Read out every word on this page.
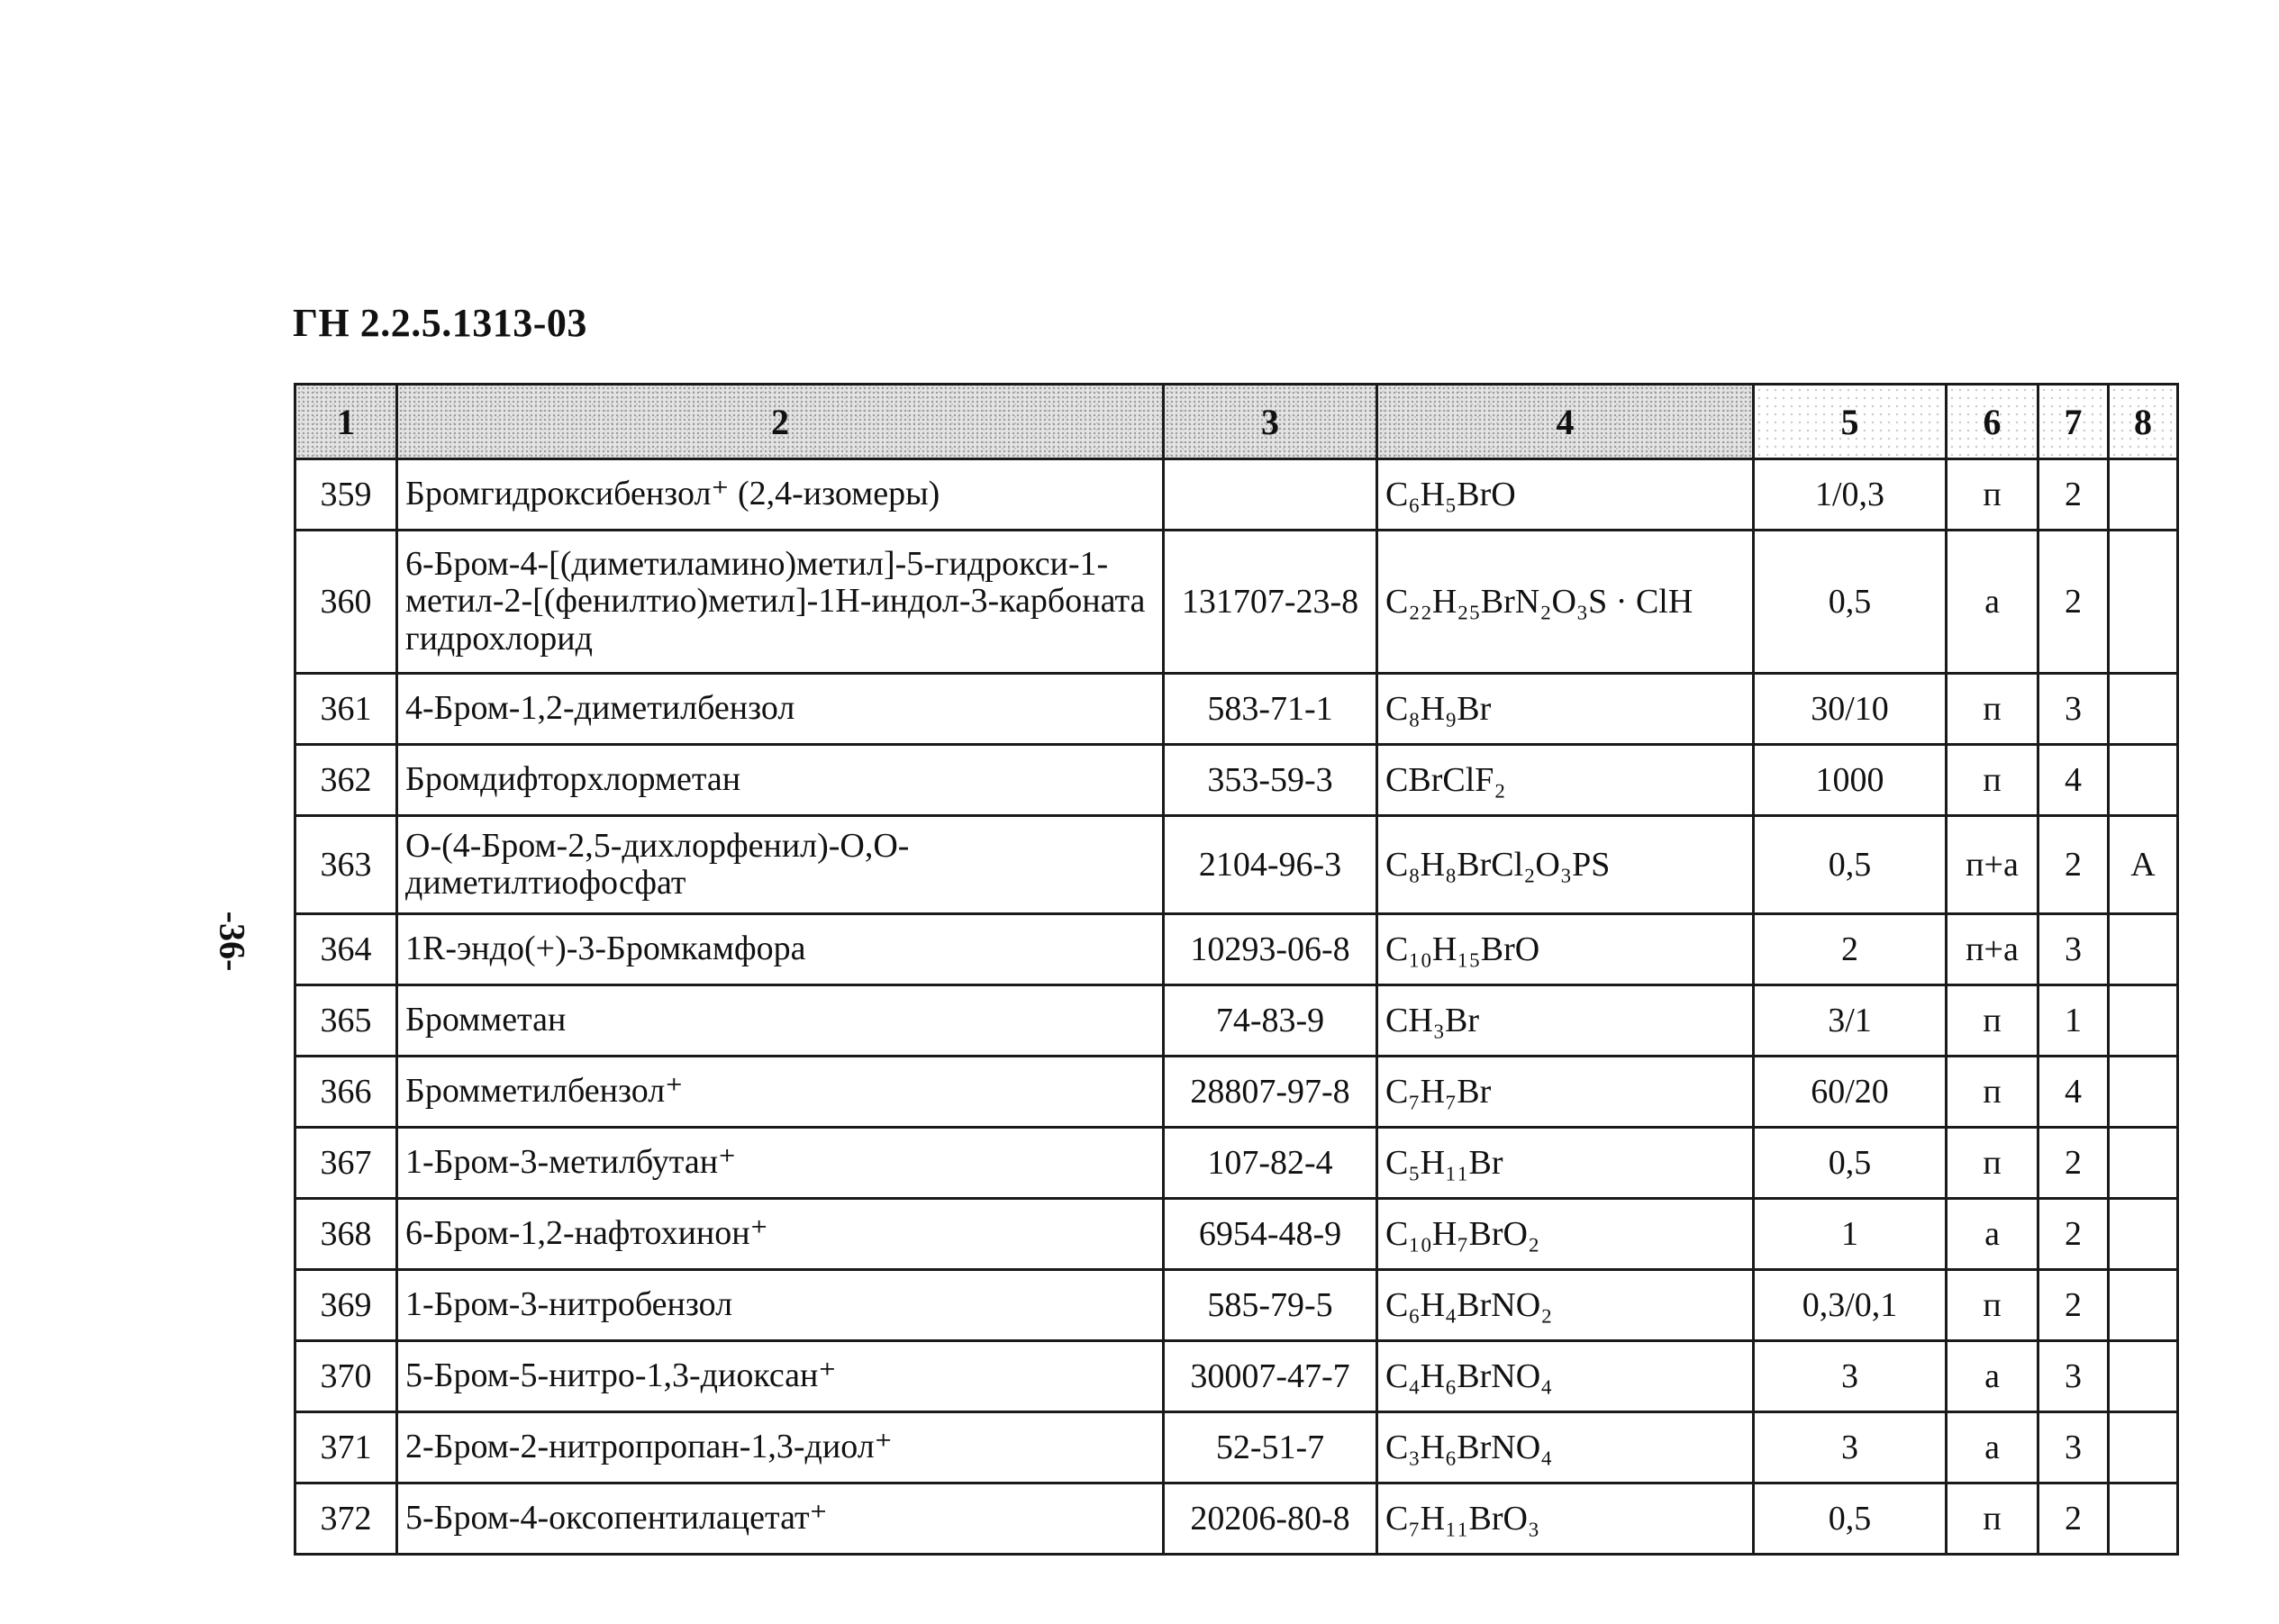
ГН 2.2.5.1313-03
-36-
1	2	3	4	5	6	7	8
359	Бромгидроксибензол⁺ (2,4-изомеры)		C₆H₅BrO	1/0,3	п	2	
360	6-Бром-4-[(диметиламино)метил]-5-гидрокси-1-метил-2-[(фенилтио)метил]-1H-индол-3-карбоната гидрохлорид	131707-23-8	C₂₂H₂₅BrN₂O₃S · ClH	0,5	а	2	
361	4-Бром-1,2-диметилбензол	583-71-1	C₈H₉Br	30/10	п	3	
362	Бромдифторхлорметан	353-59-3	CBrClF₂	1000	п	4	
363	O-(4-Бром-2,5-дихлорфенил)-O,O-диметилтиофосфат	2104-96-3	C₈H₈BrCl₂O₃PS	0,5	п+а	2	А
364	1R-эндо(+)-3-Бромкамфора	10293-06-8	C₁₀H₁₅BrO	2	п+а	3	
365	Бромметан	74-83-9	CH₃Br	3/1	п	1	
366	Бромметилбензол⁺	28807-97-8	C₇H₇Br	60/20	п	4	
367	1-Бром-3-метилбутан⁺	107-82-4	C₅H₁₁Br	0,5	п	2	
368	6-Бром-1,2-нафтохинон⁺	6954-48-9	C₁₀H₇BrO₂	1	а	2	
369	1-Бром-3-нитробензол	585-79-5	C₆H₄BrNO₂	0,3/0,1	п	2	
370	5-Бром-5-нитро-1,3-диоксан⁺	30007-47-7	C₄H₆BrNO₄	3	а	3	
371	2-Бром-2-нитропропан-1,3-диол⁺	52-51-7	C₃H₆BrNO₄	3	а	3	
372	5-Бром-4-оксопентилацетат⁺	20206-80-8	C₇H₁₁BrO₃	0,5	п	2	
